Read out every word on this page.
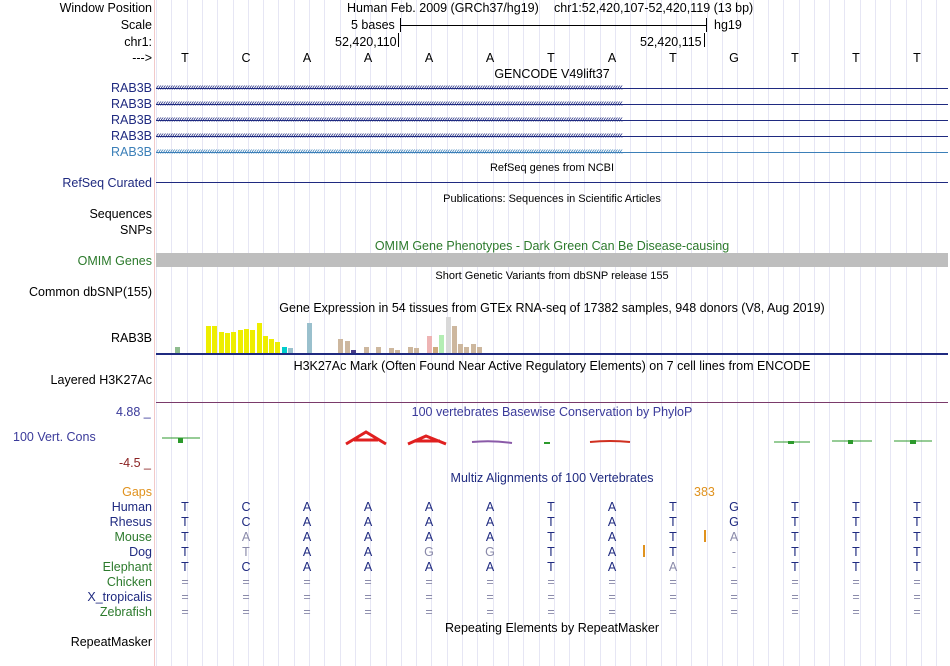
Window Position
Scale
chr1:
--->
Human Feb. 2009 (GRCh37/hg19) chr1:52,420,107-52,420,119 (13 bp)
5 bases	hg19
52,420,110	52,420,115
T	C	A	A	A	A	T	A	T	G	T	T	T
GENCODE V49lift37
RAB3B ‹‹‹‹‹‹‹‹‹‹‹‹‹‹‹‹‹‹‹‹‹‹‹‹‹‹‹‹‹‹‹‹‹‹‹‹‹‹‹‹‹‹‹‹‹‹‹‹‹‹‹‹‹‹‹‹‹‹‹‹‹‹‹‹‹‹‹‹‹‹‹‹‹‹‹‹‹‹‹‹‹‹‹‹‹‹‹‹‹‹‹‹‹‹‹‹‹‹‹‹‹‹‹‹‹‹‹‹‹‹‹‹‹‹‹‹‹‹‹‹‹‹‹‹‹‹‹‹‹‹‹‹‹‹‹‹‹‹‹‹‹‹‹‹‹‹‹‹‹‹‹‹‹‹‹‹‹‹‹‹‹‹‹‹‹‹‹‹‹‹‹‹‹‹‹‹‹‹‹‹‹‹‹‹‹‹‹‹‹‹‹‹‹‹‹‹‹‹‹‹
RAB3B ‹‹‹‹‹‹‹‹‹‹‹‹‹‹‹‹‹‹‹‹‹‹‹‹‹‹‹‹‹‹‹‹‹‹‹‹‹‹‹‹‹‹‹‹‹‹‹‹‹‹‹‹‹‹‹‹‹‹‹‹‹‹‹‹‹‹‹‹‹‹‹‹‹‹‹‹‹‹‹‹‹‹‹‹‹‹‹‹‹‹‹‹‹‹‹‹‹‹‹‹‹‹‹‹‹‹‹‹‹‹‹‹‹‹‹‹‹‹‹‹‹‹‹‹‹‹‹‹‹‹‹‹‹‹‹‹‹‹‹‹‹‹‹‹‹‹‹‹‹‹‹‹‹‹‹‹‹‹‹‹‹‹‹‹‹‹‹‹‹‹‹‹‹‹‹‹‹‹‹‹‹‹‹‹‹‹‹‹‹‹‹‹‹‹‹‹‹‹‹‹
RAB3B ‹‹‹‹‹‹‹‹‹‹‹‹‹‹‹‹‹‹‹‹‹‹‹‹‹‹‹‹‹‹‹‹‹‹‹‹‹‹‹‹‹‹‹‹‹‹‹‹‹‹‹‹‹‹‹‹‹‹‹‹‹‹‹‹‹‹‹‹‹‹‹‹‹‹‹‹‹‹‹‹‹‹‹‹‹‹‹‹‹‹‹‹‹‹‹‹‹‹‹‹‹‹‹‹‹‹‹‹‹‹‹‹‹‹‹‹‹‹‹‹‹‹‹‹‹‹‹‹‹‹‹‹‹‹‹‹‹‹‹‹‹‹‹‹‹‹‹‹‹‹‹‹‹‹‹‹‹‹‹‹‹‹‹‹‹‹‹‹‹‹‹‹‹‹‹‹‹‹‹‹‹‹‹‹‹‹‹‹‹‹‹‹‹‹‹‹‹‹‹‹
RAB3B ‹‹‹‹‹‹‹‹‹‹‹‹‹‹‹‹‹‹‹‹‹‹‹‹‹‹‹‹‹‹‹‹‹‹‹‹‹‹‹‹‹‹‹‹‹‹‹‹‹‹‹‹‹‹‹‹‹‹‹‹‹‹‹‹‹‹‹‹‹‹‹‹‹‹‹‹‹‹‹‹‹‹‹‹‹‹‹‹‹‹‹‹‹‹‹‹‹‹‹‹‹‹‹‹‹‹‹‹‹‹‹‹‹‹‹‹‹‹‹‹‹‹‹‹‹‹‹‹‹‹‹‹‹‹‹‹‹‹‹‹‹‹‹‹‹‹‹‹‹‹‹‹‹‹‹‹‹‹‹‹‹‹‹‹‹‹‹‹‹‹‹‹‹‹‹‹‹‹‹‹‹‹‹‹‹‹‹‹‹‹‹‹‹‹‹‹‹‹‹‹
RAB3B ‹‹‹‹‹‹‹‹‹‹‹‹‹‹‹‹‹‹‹‹‹‹‹‹‹‹‹‹‹‹‹‹‹‹‹‹‹‹‹‹‹‹‹‹‹‹‹‹‹‹‹‹‹‹‹‹‹‹‹‹‹‹‹‹‹‹‹‹‹‹‹‹‹‹‹‹‹‹‹‹‹‹‹‹‹‹‹‹‹‹‹‹‹‹‹‹‹‹‹‹‹‹‹‹‹‹‹‹‹‹‹‹‹‹‹‹‹‹‹‹‹‹‹‹‹‹‹‹‹‹‹‹‹‹‹‹‹‹‹‹‹‹‹‹‹‹‹‹‹‹‹‹‹‹‹‹‹‹‹‹‹‹‹‹‹‹‹‹‹‹‹‹‹‹‹‹‹‹‹‹‹‹‹‹‹‹‹‹‹‹‹‹‹‹‹‹‹‹‹‹
RefSeq genes from NCBI
RefSeq Curated
Publications: Sequences in Scientific Articles
Sequences
SNPs
OMIM Gene Phenotypes - Dark Green Can Be Disease-causing
OMIM Genes
Short Genetic Variants from dbSNP release 155
Common dbSNP(155)
Gene Expression in 54 tissues from GTEx RNA-seq of 17382 samples, 948 donors (V8, Aug 2019)
RAB3B
H3K27Ac Mark (Often Found Near Active Regulatory Elements) on 7 cell lines from ENCODE
Layered H3K27Ac
100 vertebrates Basewise Conservation by PhyloP
4.88 _
100 Vert. Cons
-4.5 _
Multiz Alignments of 100 Vertebrates
Gaps	383
Human T	C	A	A	A	A	T	A	T	G	T	T	T
Rhesus T	C	A	A	A	A	T	A	T	G	T	T	T
Mouse T	A	A	A	A	A	T	A	T	A	T	T	T
Dog T	T	A	A	G	G	T	A	T	-	T	T	T
Elephant T	C	A	A	A	A	T	A	A	-	T	T	T
Chicken =	=	=	=	=	=	=	=	=	=	=	=	=
X_tropicalis =	=	=	=	=	=	=	=	=	=	=	=	=
Zebrafish =	=	=	=	=	=	=	=	=	=	=	=	=
Repeating Elements by RepeatMasker
RepeatMasker
